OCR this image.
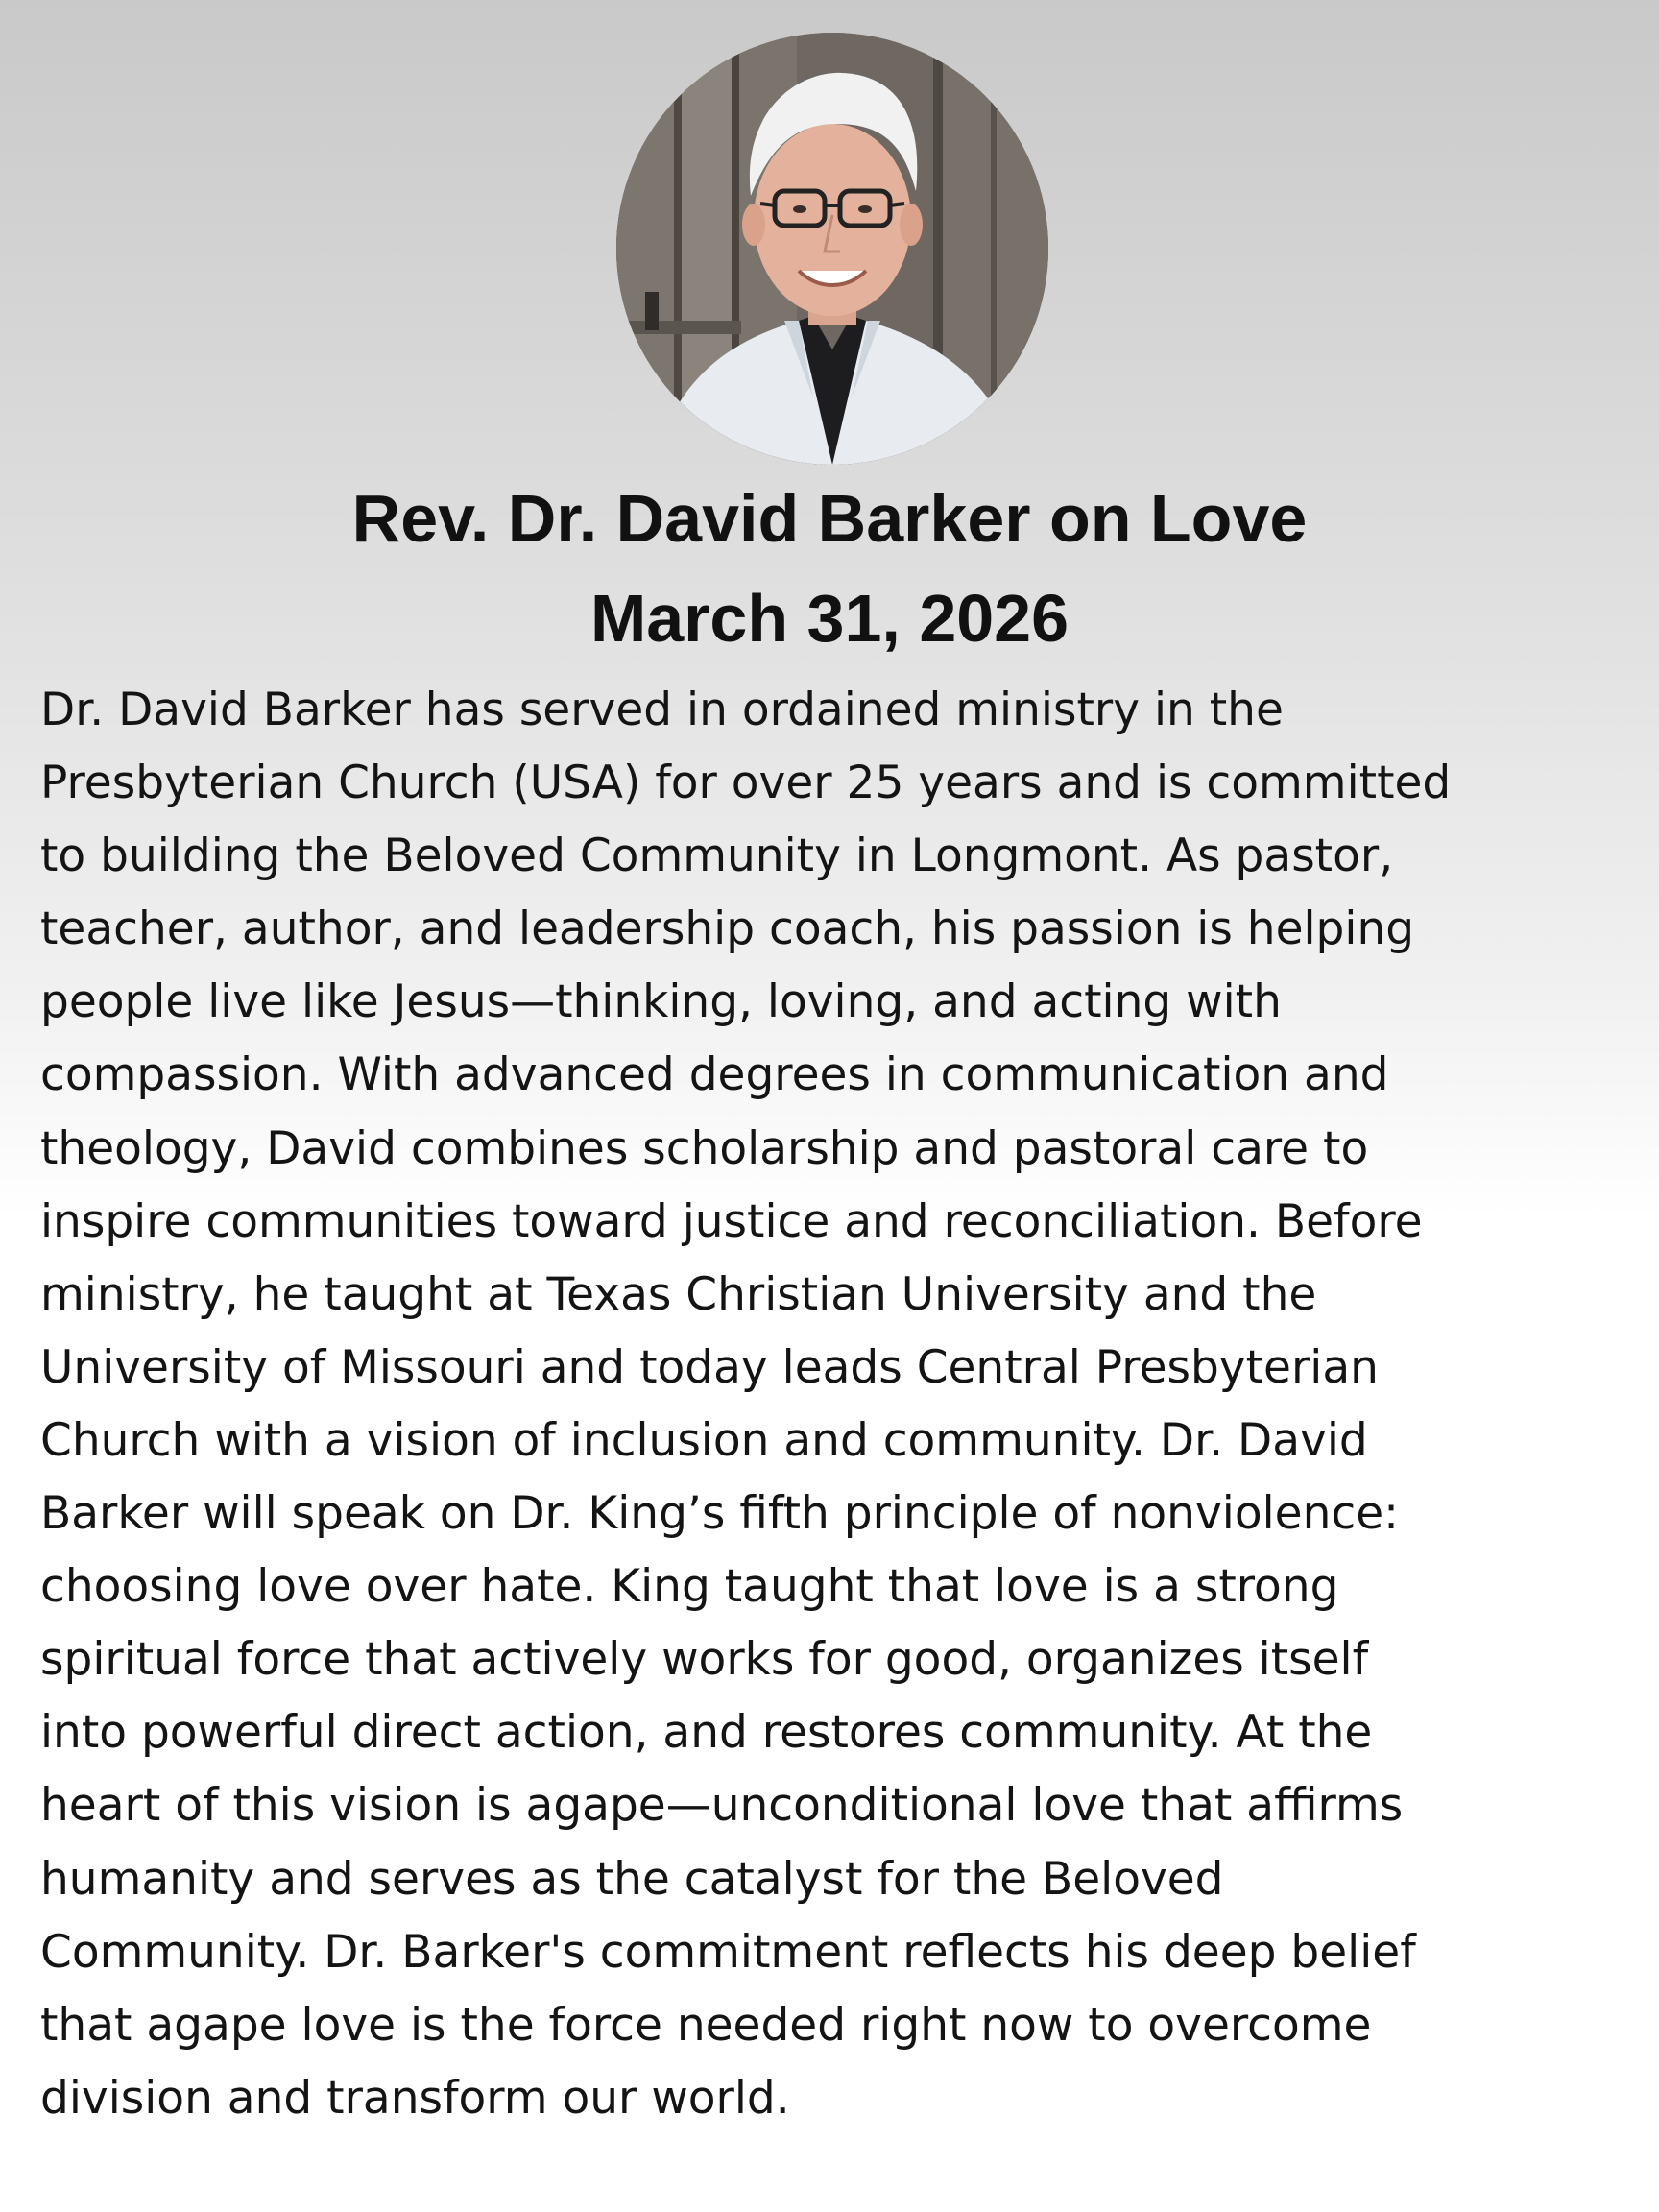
Rev. Dr. David Barker on Love
March 31, 2026
Dr. David Barker has served in ordained ministry in the
Presbyterian Church (USA) for over 25 years and is committed
to building the Beloved Community in Longmont. As pastor,
teacher, author, and leadership coach, his passion is helping
people live like Jesus—thinking, loving, and acting with
compassion. With advanced degrees in communication and
theology, David combines scholarship and pastoral care to
inspire communities toward justice and reconciliation. Before
ministry, he taught at Texas Christian University and the
University of Missouri and today leads Central Presbyterian
Church with a vision of inclusion and community. Dr. David
Barker will speak on Dr. King’s fifth principle of nonviolence:
choosing love over hate. King taught that love is a strong
spiritual force that actively works for good, organizes itself
into powerful direct action, and restores community. At the
heart of this vision is agape—unconditional love that affirms
humanity and serves as the catalyst for the Beloved
Community. Dr. Barker's commitment reflects his deep belief
that agape love is the force needed right now to overcome
division and transform our world.
